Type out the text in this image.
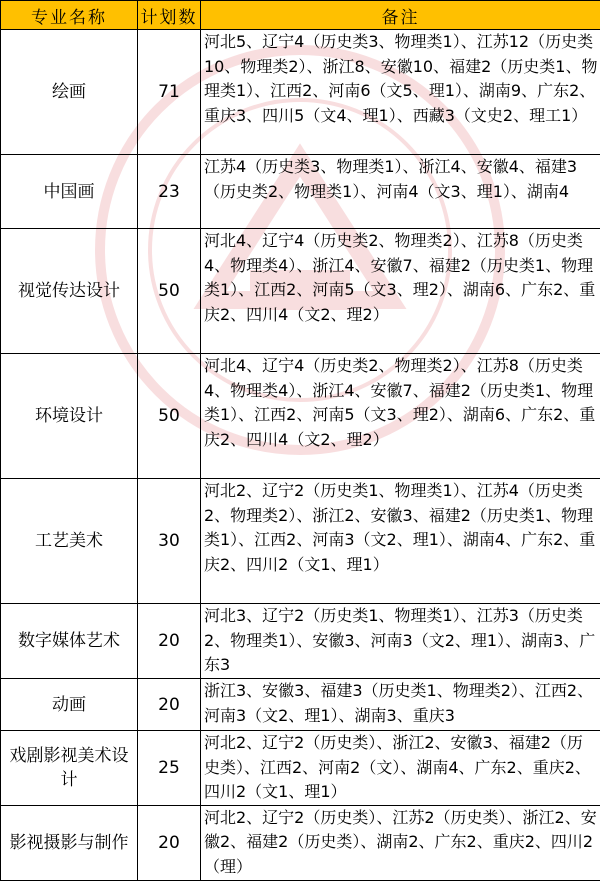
专业名称	计划数	备注
绘画	71	河北5、辽宁4（历史类3、物理类1）、江苏12（历史类10、物理类2）、浙江8、安徽10、福建2（历史类1、物理类1）、江西2、河南6（文5、理1）、湖南9、广东2、重庆3、四川5（文4、理1）、西藏3（文史2、理工1）
中国画	23	江苏4（历史类3、物理类1）、浙江4、安徽4、福建3（历史类2、物理类1）、河南4（文3、理1）、湖南4
视觉传达设计	50	河北4、辽宁4（历史类2、物理类2）、江苏8（历史类4、物理类4）、浙江4、安徽7、福建2（历史类1、物理类1）、江西2、河南5（文3、理2）、湖南6、广东2、重庆2、四川4（文2、理2）
环境设计	50	河北4、辽宁4（历史类2、物理类2）、江苏8（历史类4、物理类4）、浙江4、安徽7、福建2（历史类1、物理类1）、江西2、河南5（文3、理2）、湖南6、广东2、重庆2、四川4（文2、理2）
工艺美术	30	河北2、辽宁2（历史类1、物理类1）、江苏4（历史类2、物理类2）、浙江2、安徽3、福建2（历史类1、物理类1）、江西2、河南3（文2、理1）、湖南4、广东2、重庆2、四川2（文1、理1）
数字媒体艺术	20	河北3、辽宁2（历史类1、物理类1）、江苏3（历史类2、物理类1）、安徽3、河南3（文2、理1）、湖南3、广东3
动画	20	浙江3、安徽3、福建3（历史类1、物理类2）、江西2、河南3（文2、理1）、湖南3、重庆3
戏剧影视美术设计	25	河北2、辽宁2（历史类）、浙江2、安徽3、福建2（历史类）、江西2、河南2（文）、湖南4、广东2、重庆2、四川2（文1、理1）
影视摄影与制作	20	河北2、辽宁2（历史类）、江苏2（历史类）、浙江2、安徽2、福建2（历史类）、湖南2、广东2、重庆2、四川2（理）
